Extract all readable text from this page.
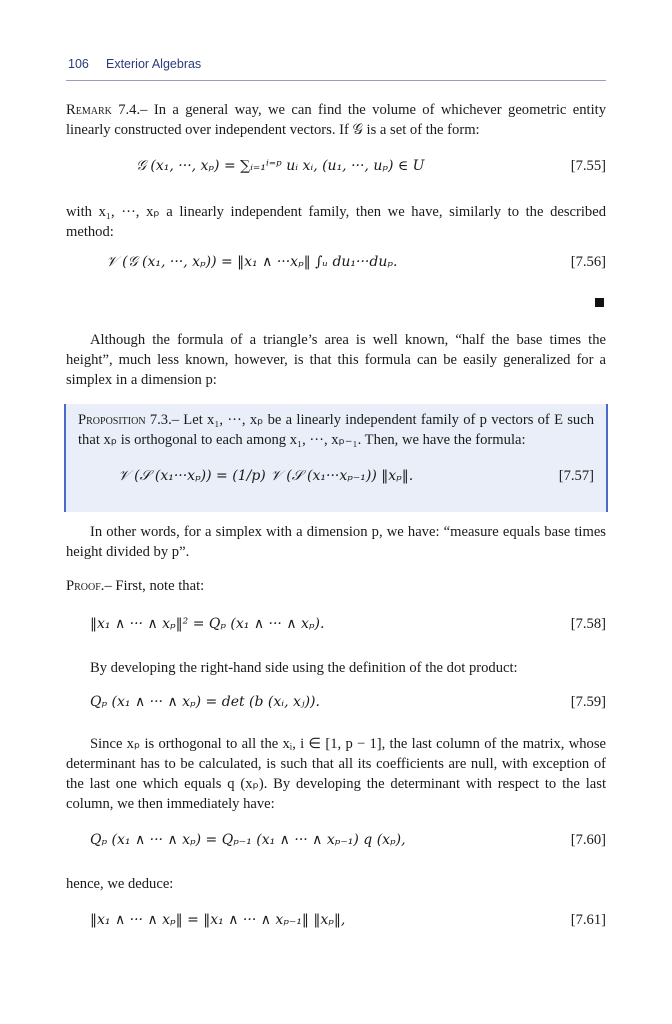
106 Exterior Algebras

Remark 7.4.– In a general way, we can find the volume of whichever geometric entity linearly constructed over independent vectors. If 𝒢 is a set of the form:

𝒢 (x₁, ···, xₚ) = ∑ᵢ₌₁ⁱ⁼ᵖ uᵢ xᵢ, (u₁, ···, uₚ) ∈ U	[7.55]

with x₁, ···, xₚ a linearly independent family, then we have, similarly to the described method:

𝒱 (𝒢 (x₁, ···, xₚ)) = ‖x₁ ∧ ···xₚ‖ ∫ᵤ du₁···duₚ.	[7.56]

Although the formula of a triangle’s area is well known, “half the base times the height”, much less known, however, is that this formula can be easily generalized for a simplex in a dimension p:

Proposition 7.3.– Let x₁, ···, xₚ be a linearly independent family of p vectors of E such that xₚ is orthogonal to each among x₁, ···, xₚ₋₁. Then, we have the formula:

𝒱 (𝒮 (x₁···xₚ)) = (1/p) 𝒱 (𝒮 (x₁···xₚ₋₁)) ‖xₚ‖.	[7.57]

In other words, for a simplex with a dimension p, we have: “measure equals base times height divided by p”.

Proof.– First, note that:

‖x₁ ∧ ··· ∧ xₚ‖² = Qₚ (x₁ ∧ ··· ∧ xₚ).	[7.58]

By developing the right-hand side using the definition of the dot product:

Qₚ (x₁ ∧ ··· ∧ xₚ) = det (b (xᵢ, xⱼ)).	[7.59]

Since xₚ is orthogonal to all the xᵢ, i ∈ [1, p − 1], the last column of the matrix, whose determinant has to be calculated, is such that all its coefficients are null, with exception of the last one which equals q (xₚ). By developing the determinant with respect to the last column, we then immediately have:

Qₚ (x₁ ∧ ··· ∧ xₚ) = Qₚ₋₁ (x₁ ∧ ··· ∧ xₚ₋₁) q (xₚ),	[7.60]

hence, we deduce:

‖x₁ ∧ ··· ∧ xₚ‖ = ‖x₁ ∧ ··· ∧ xₚ₋₁‖ ‖xₚ‖,	[7.61]
